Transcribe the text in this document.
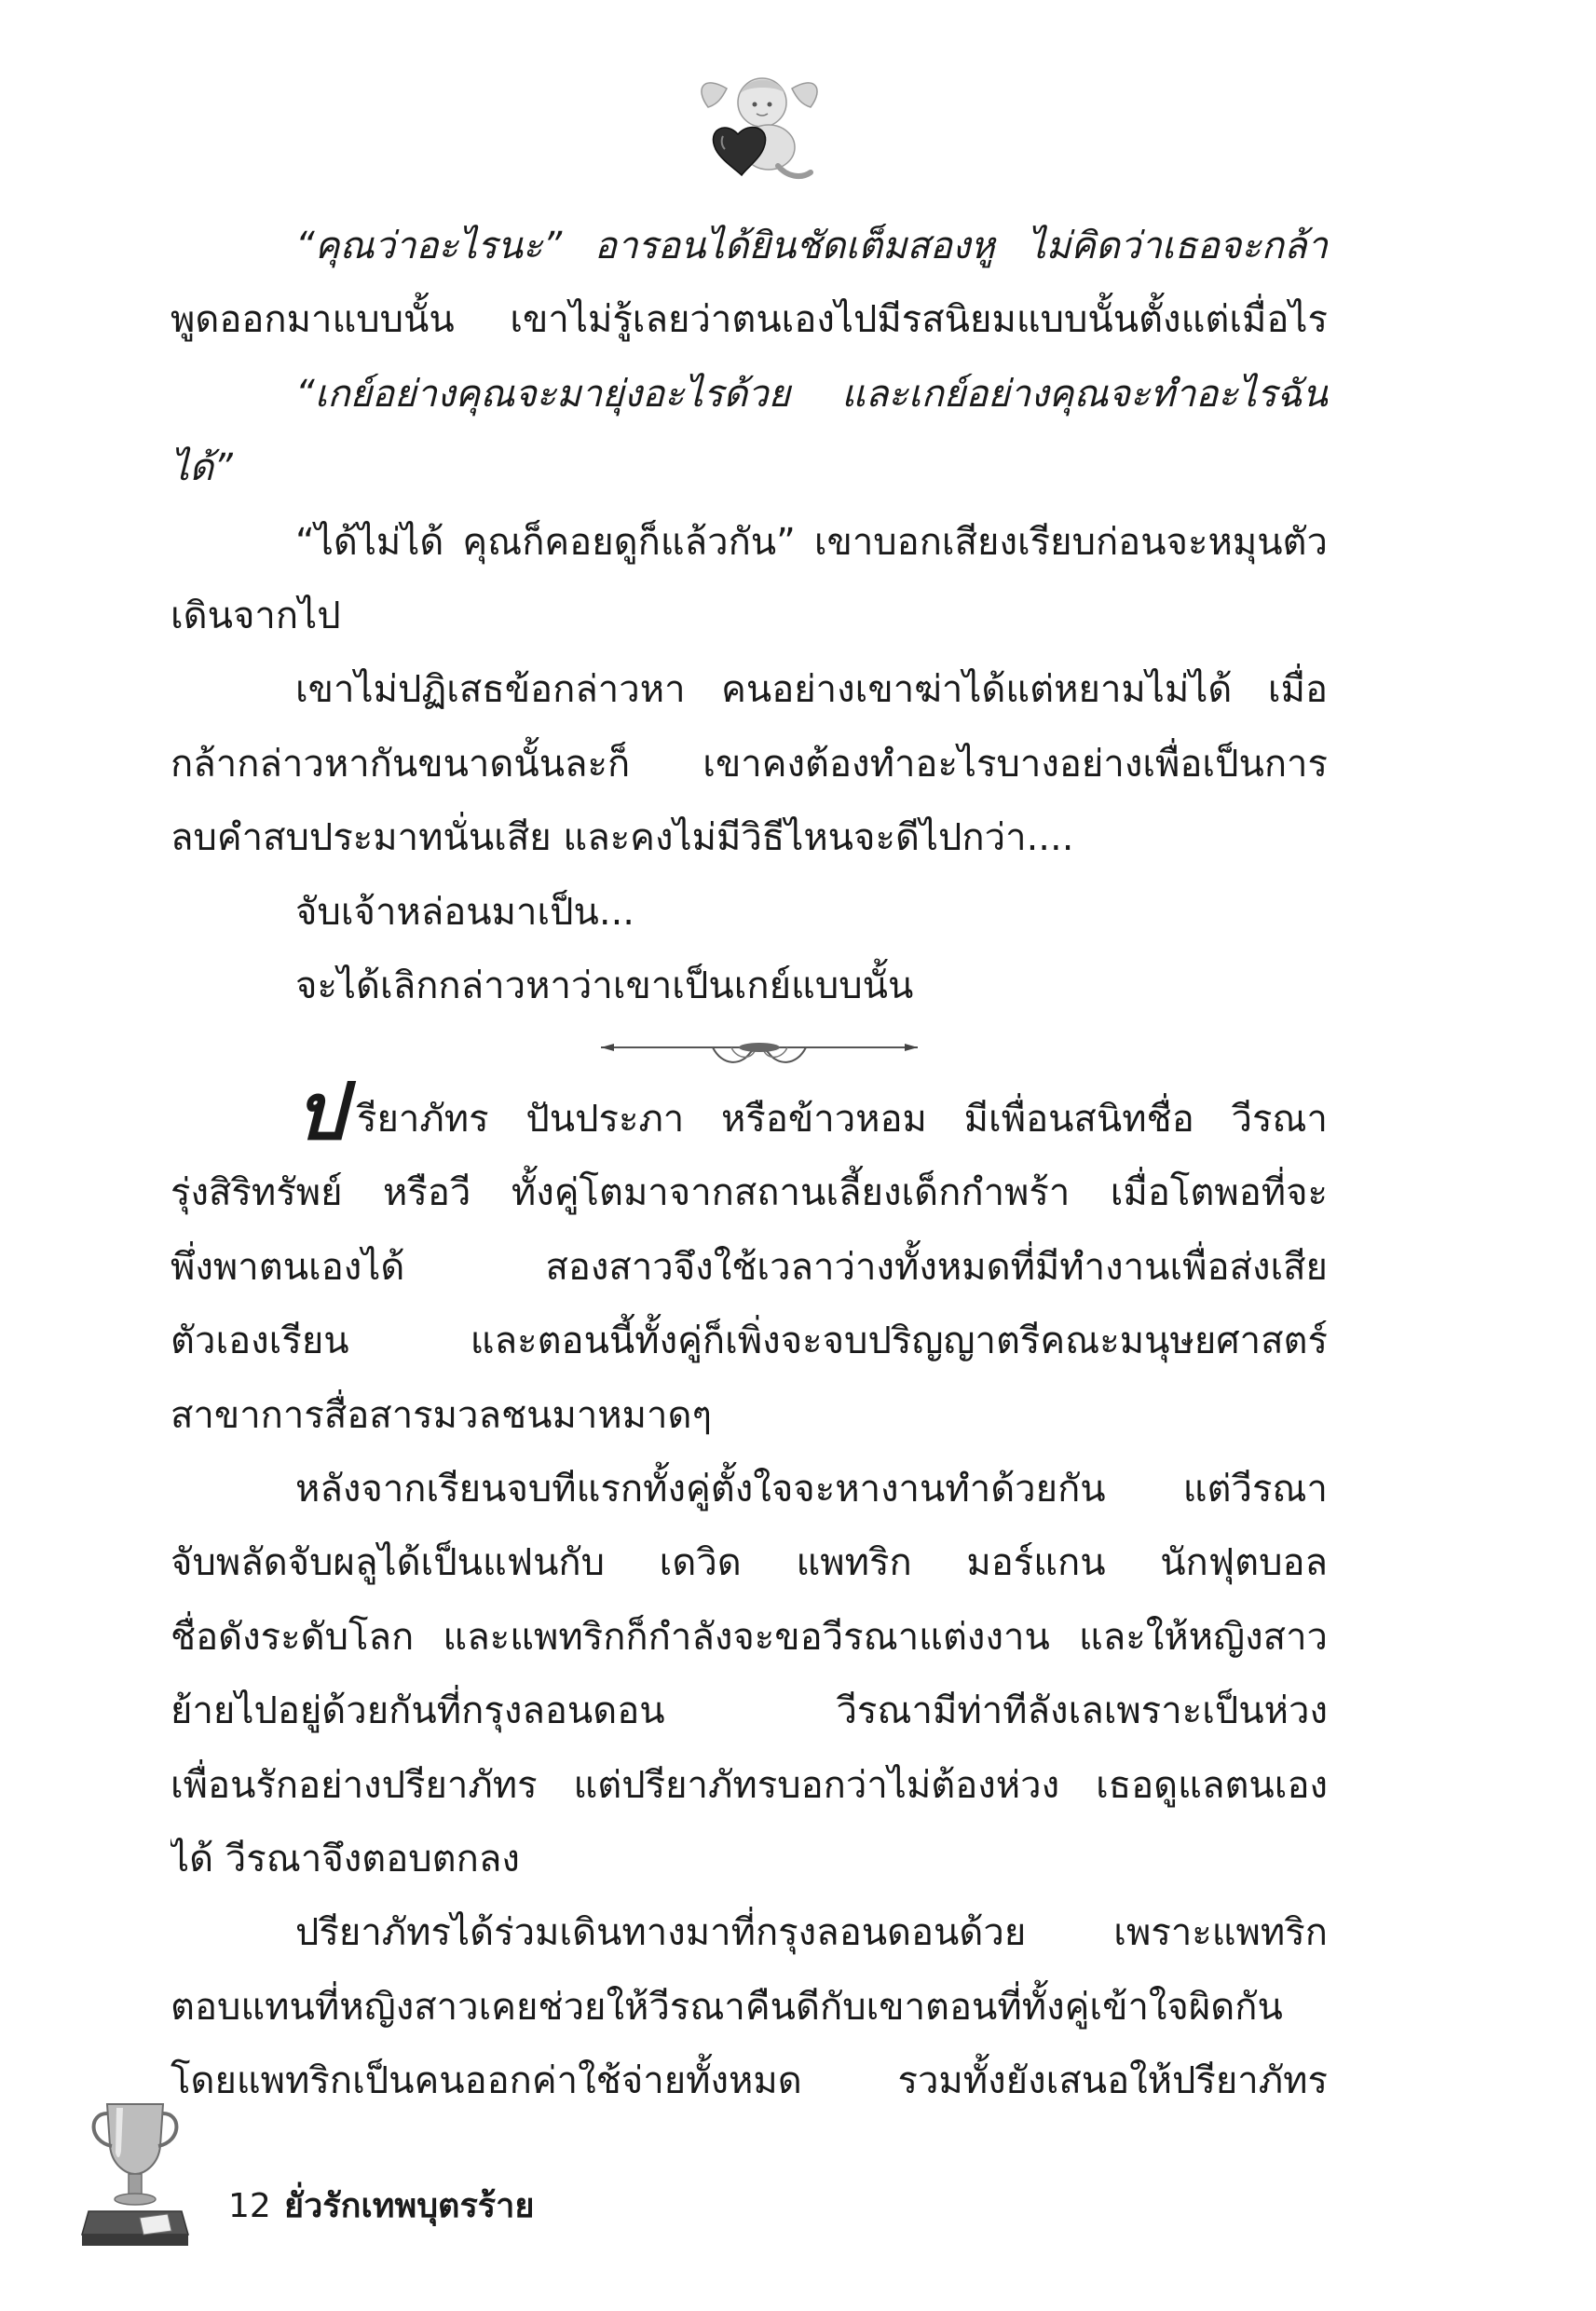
“คุณว่าอะไรนะ” อารอนได้ยินชัดเต็มสองหู ไม่คิดว่าเธอจะกล้า
พูดออกมาแบบนั้น เขาไม่รู้เลยว่าตนเองไปมีรสนิยมแบบนั้นตั้งแต่เมื่อไร
“เกย์อย่างคุณจะมายุ่งอะไรด้วย และเกย์อย่างคุณจะทำอะไรฉัน
ได้”
“ได้ไม่ได้ คุณก็คอยดูก็แล้วกัน” เขาบอกเสียงเรียบก่อนจะหมุนตัว
เดินจากไป
เขาไม่ปฏิเสธข้อกล่าวหา คนอย่างเขาฆ่าได้แต่หยามไม่ได้ เมื่อ
กล้ากล่าวหากันขนาดนั้นละก็ เขาคงต้องทำอะไรบางอย่างเพื่อเป็นการ
ลบคำสบประมาทนั่นเสีย และคงไม่มีวิธีไหนจะดีไปกว่า....
จับเจ้าหล่อนมาเป็น...
จะได้เลิกกล่าวหาว่าเขาเป็นเกย์แบบนั้น
ป รียาภัทร ปันประภา หรือข้าวหอม มีเพื่อนสนิทชื่อ วีรณา
รุ่งสิริทรัพย์ หรือวี ทั้งคู่โตมาจากสถานเลี้ยงเด็กกำพร้า เมื่อโตพอที่จะ
พึ่งพาตนเองได้ สองสาวจึงใช้เวลาว่างทั้งหมดที่มีทำงานเพื่อส่งเสีย
ตัวเองเรียน และตอนนี้ทั้งคู่ก็เพิ่งจะจบปริญญาตรีคณะมนุษยศาสตร์
สาขาการสื่อสารมวลชนมาหมาดๆ
หลังจากเรียนจบทีแรกทั้งคู่ตั้งใจจะหางานทำด้วยกัน แต่วีรณา
จับพลัดจับผลูได้เป็นแฟนกับ เดวิด แพทริก มอร์แกน นักฟุตบอล
ชื่อดังระดับโลก และแพทริกก็กำลังจะขอวีรณาแต่งงาน และให้หญิงสาว
ย้ายไปอยู่ด้วยกันที่กรุงลอนดอน วีรณามีท่าทีลังเลเพราะเป็นห่วง
เพื่อนรักอย่างปรียาภัทร แต่ปรียาภัทรบอกว่าไม่ต้องห่วง เธอดูแลตนเอง
ได้ วีรณาจึงตอบตกลง
ปรียาภัทรได้ร่วมเดินทางมาที่กรุงลอนดอนด้วย เพราะแพทริก
ตอบแทนที่หญิงสาวเคยช่วยให้วีรณาคืนดีกับเขาตอนที่ทั้งคู่เข้าใจผิดกัน
โดยแพทริกเป็นคนออกค่าใช้จ่ายทั้งหมด รวมทั้งยังเสนอให้ปรียาภัทร
12 ยั่วรักเทพบุตรร้าย
